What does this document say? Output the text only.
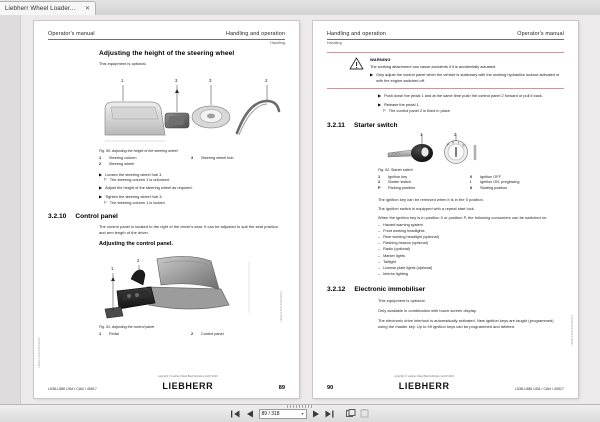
Liebherr Wheel Loader...	✕
Operator's manual	Handling and operation
Handling
Adjusting the height of the steering wheel
This equipment is optional.
1	3	3	2
Fig. 90: Adjusting the height of the steering wheel
1	Steering column
2	Steering wheel
3	Steering wheel hub
▶ Loosen the steering wheel hub 3.
▷ The steering column 1 is unlocked.
▶ Adjust the height of the steering wheel as required.
▶ Tighten the steering wheel hub 3.
▷ The steering column 1 is locked.
3.2.10 Control panel
The control panel is located to the right of the driver's seat. It can be adjusted to suit the seat position and arm length of the driver.
Adjusting the control panel.
1
2
LWE/LFR/11526039/01
Fig. 91: Adjusting the control panel
1	Pedal	2	Control panel
LWE/LFR/11526039/01
L538-L586 USA / CAN / 40517
copyright © Liebherr-Werk Bischofshofen GmbH 2016
LIEBHERR	89
Handling and operation	Operator's manual
Handling
WARNING
The working attachment can cause accidents if it is accidentally actuated.
▶ Only adjust the control panel when the vehicle is stationary with the working hydraulics lockout activated or with the engine switched off.
▶ Push down the pedal 1 and at the same time push the control panel 2 forward or pull it back.
▶ Release the pedal 1.
▷ The control panel 2 is fixed in place.
3.2.11 Starter switch
P
0 I
II
1	2
Fig. 92: Starter switch
1	Ignition key
2	Starter switch
P	Parking position
0	Ignition OFF
I	Ignition ON, preglowing
II	Starting position
The ignition key can be removed when it is in the 0 position.
The ignition switch is equipped with a repeat start lock.
When the ignition key is in position 0 or position P, the following consumers can be switched on:
– Hazard warning system
– Front working headlights
– Rear working headlight (optional)
– Flashing beacon (optional)
– Radio (optional)
– Marker lights
– Taillight
– License plate lights (optional)
– Interior lighting
3.2.12 Electronic immobiliser
This equipment is optional.
Only available in combination with touch screen display.
The electronic drive interlock is automatically activated. New ignition keys are taught (programmed) using the master key. Up to 49 ignition keys can be programmed and deleted.	LWE/LFR/11526039/01
90
copyright © Liebherr-Werk Bischofshofen GmbH 2016
LIEBHERR	L538-L586 USA / CAN / 40517
89 / 318	▾
